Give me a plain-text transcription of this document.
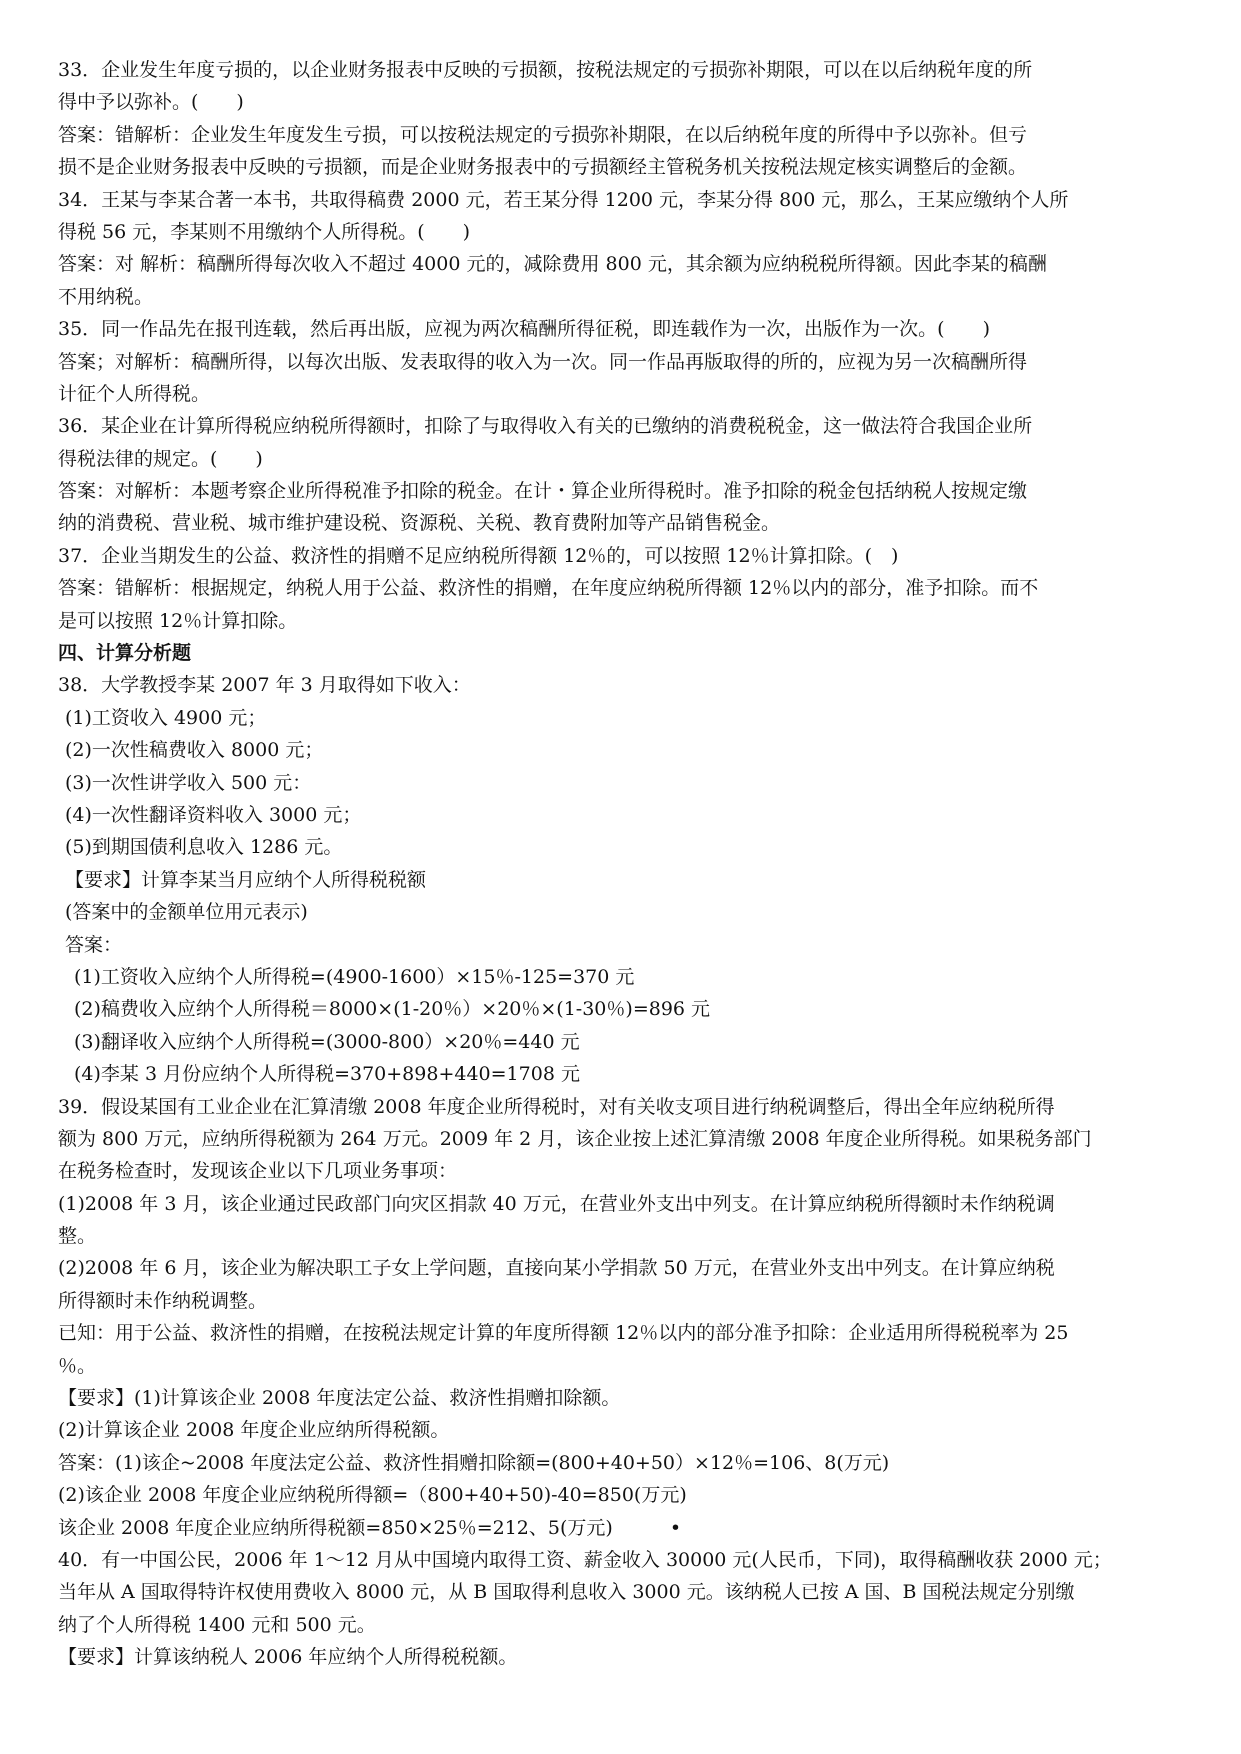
33．企业发生年度亏损的，以企业财务报表中反映的亏损额，按税法规定的亏损弥补期限，可以在以后纳税年度的所
得中予以弥补。(　　)
答案：错解析：企业发生年度发生亏损，可以按税法规定的亏损弥补期限，在以后纳税年度的所得中予以弥补。但亏
损不是企业财务报表中反映的亏损额，而是企业财务报表中的亏损额经主管税务机关按税法规定核实调整后的金额。
34．王某与李某合著一本书，共取得稿费 2000 元，若王某分得 1200 元，李某分得 800 元，那么，王某应缴纳个人所
得税 56 元，李某则不用缴纳个人所得税。(　　)
答案：对 解析：稿酬所得每次收入不超过 4000 元的，减除费用 800 元，其余额为应纳税税所得额。因此李某的稿酬
不用纳税。
35．同一作品先在报刊连载，然后再出版，应视为两次稿酬所得征税，即连载作为一次，出版作为一次。(　　)
答案；对解析：稿酬所得，以每次出版、发表取得的收入为一次。同一作品再版取得的所的，应视为另一次稿酬所得
计征个人所得税。
36．某企业在计算所得税应纳税所得额时，扣除了与取得收入有关的已缴纳的消费税税金，这一做法符合我国企业所
得税法律的规定。(　　)
答案：对解析：本题考察企业所得税准予扣除的税金。在计・算企业所得税时。准予扣除的税金包括纳税人按规定缴
纳的消费税、营业税、城市维护建设税、资源税、关税、教育费附加等产品销售税金。
37．企业当期发生的公益、救济性的捐赠不足应纳税所得额 12％的，可以按照 12％计算扣除。(　)
答案：错解析：根据规定，纳税人用于公益、救济性的捐赠，在年度应纳税所得额 12％以内的部分，准予扣除。而不
是可以按照 12％计算扣除。
四、计算分析题
38．大学教授李某 2007 年 3 月取得如下收入：
(1)工资收入 4900 元；
(2)一次性稿费收入 8000 元；
(3)一次性讲学收入 500 元：
(4)一次性翻译资料收入 3000 元；
(5)到期国债利息收入 1286 元。
【要求】计算李某当月应纳个人所得税税额
(答案中的金额单位用元表示)
答案：
(1)工资收入应纳个人所得税=(4900-1600）×15％-125=370 元
(2)稿费收入应纳个人所得税＝8000×(1-20％）×20％×(1-30％)=896 元
(3)翻译收入应纳个人所得税=(3000-800）×20％=440 元
(4)李某 3 月份应纳个人所得税=370+898+440=1708 元
39．假设某国有工业企业在汇算清缴 2008 年度企业所得税时，对有关收支项目进行纳税调整后，得出全年应纳税所得
额为 800 万元，应纳所得税额为 264 万元。2009 年 2 月，该企业按上述汇算清缴 2008 年度企业所得税。如果税务部门
在税务检查时，发现该企业以下几项业务事项：
(1)2008 年 3 月，该企业通过民政部门向灾区捐款 40 万元，在营业外支出中列支。在计算应纳税所得额时未作纳税调
整。
(2)2008 年 6 月，该企业为解决职工子女上学问题，直接向某小学捐款 50 万元，在营业外支出中列支。在计算应纳税
所得额时未作纳税调整。
已知：用于公益、救济性的捐赠，在按税法规定计算的年度所得额 12％以内的部分准予扣除：企业适用所得税税率为 25
％。
【要求】(1)计算该企业 2008 年度法定公益、救济性捐赠扣除额。
(2)计算该企业 2008 年度企业应纳所得税额。
答案：(1)该企~2008 年度法定公益、救济性捐赠扣除额=(800+40+50）×12％=106、8(万元)
(2)该企业 2008 年度企业应纳税所得额=（800+40+50)-40=850(万元)
该企业 2008 年度企业应纳所得税额=850×25％=212、5(万元)　　　•
40．有一中国公民，2006 年 1～12 月从中国境内取得工资、薪金收入 30000 元(人民币，下同)，取得稿酬收获 2000 元；
当年从 A 国取得特许权使用费收入 8000 元，从 B 国取得利息收入 3000 元。该纳税人已按 A 国、B 国税法规定分别缴
纳了个人所得税 1400 元和 500 元。
【要求】计算该纳税人 2006 年应纳个人所得税税额。
